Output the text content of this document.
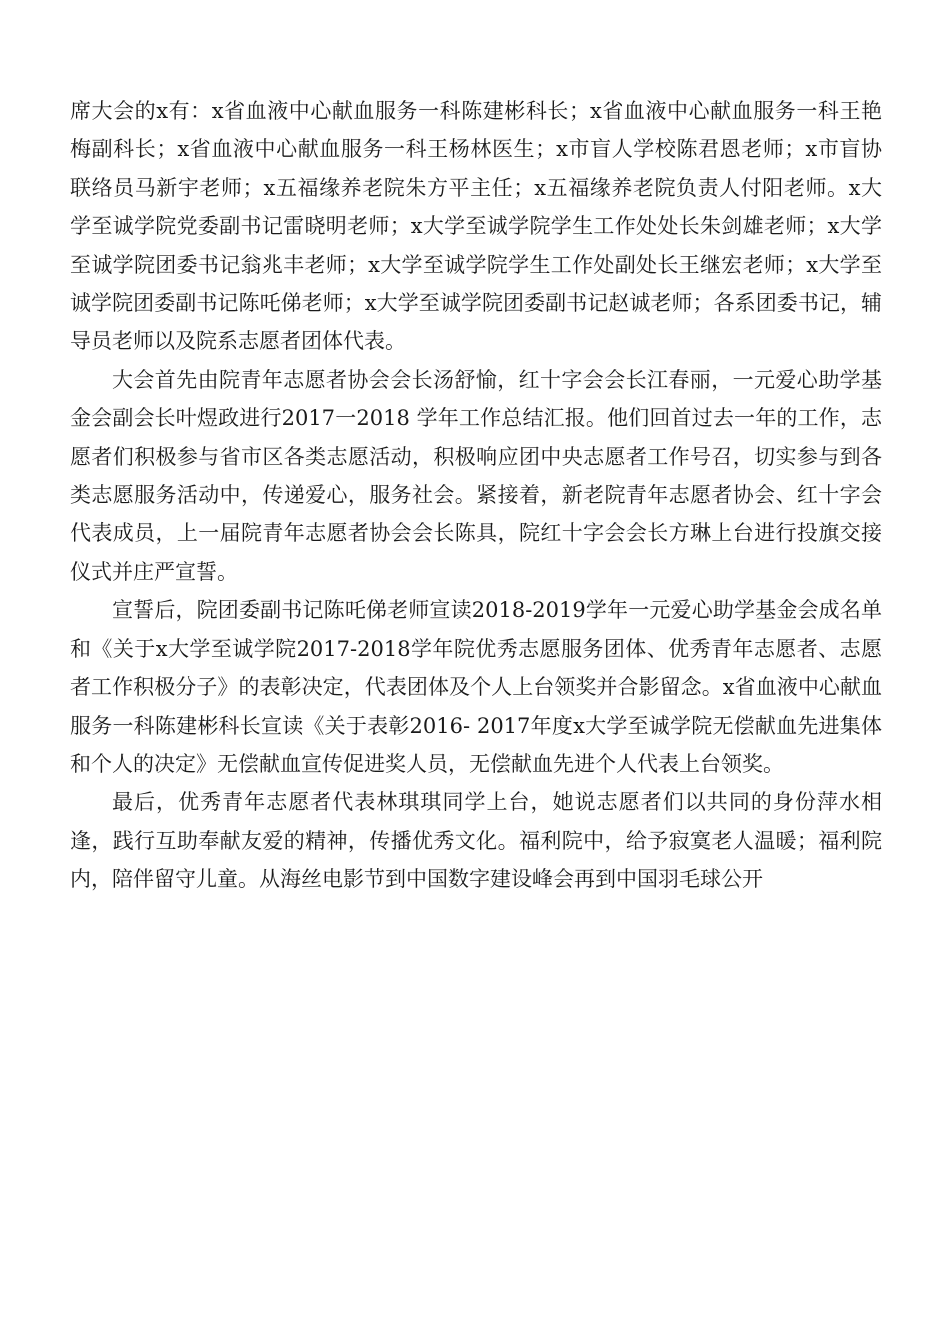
席大会的x有：x省血液中心献血服务一科陈建彬科长；x省血液中心献血服务一科王艳梅副科长；x省血液中心献血服务一科王杨林医生；x市盲人学校陈君恩老师；x市盲协联络员马新宇老师；x五福缘养老院朱方平主任；x五福缘养老院负责人付阳老师。x大学至诚学院党委副书记雷晓明老师；x大学至诚学院学生工作处处长朱剑雄老师；x大学至诚学院团委书记翁兆丰老师；x大学至诚学院学生工作处副处长王继宏老师；x大学至诚学院团委副书记陈吒俤老师；x大学至诚学院团委副书记赵诚老师；各系团委书记，辅导员老师以及院系志愿者团体代表。

大会首先由院青年志愿者协会会长汤舒愉，红十字会会长江春丽，一元爱心助学基金会副会长叶煜政进行2017一2018 学年工作总结汇报。他们回首过去一年的工作，志愿者们积极参与省市区各类志愿活动，积极响应团中央志愿者工作号召，切实参与到各类志愿服务活动中，传递爱心，服务社会。紧接着，新老院青年志愿者协会、红十字会代表成员，上一届院青年志愿者协会会长陈具，院红十字会会长方琳上台进行投旗交接仪式并庄严宣誓。

宣誓后，院团委副书记陈吒俤老师宣读2018-2019学年一元爱心助学基金会成名单和《关于x大学至诚学院2017-2018学年院优秀志愿服务团体、优秀青年志愿者、志愿者工作积极分子》的表彰决定，代表团体及个人上台领奖并合影留念。x省血液中心献血服务一科陈建彬科长宣读《关于表彰2016- 2017年度x大学至诚学院无偿献血先进集体和个人的决定》无偿献血宣传促进奖人员，无偿献血先进个人代表上台领奖。

最后，优秀青年志愿者代表林琪琪同学上台，她说志愿者们以共同的身份萍水相逢，践行互助奉献友爱的精神，传播优秀文化。福利院中，给予寂寞老人温暖；福利院内，陪伴留守儿童。从海丝电影节到中国数字建设峰会再到中国羽毛球公开
